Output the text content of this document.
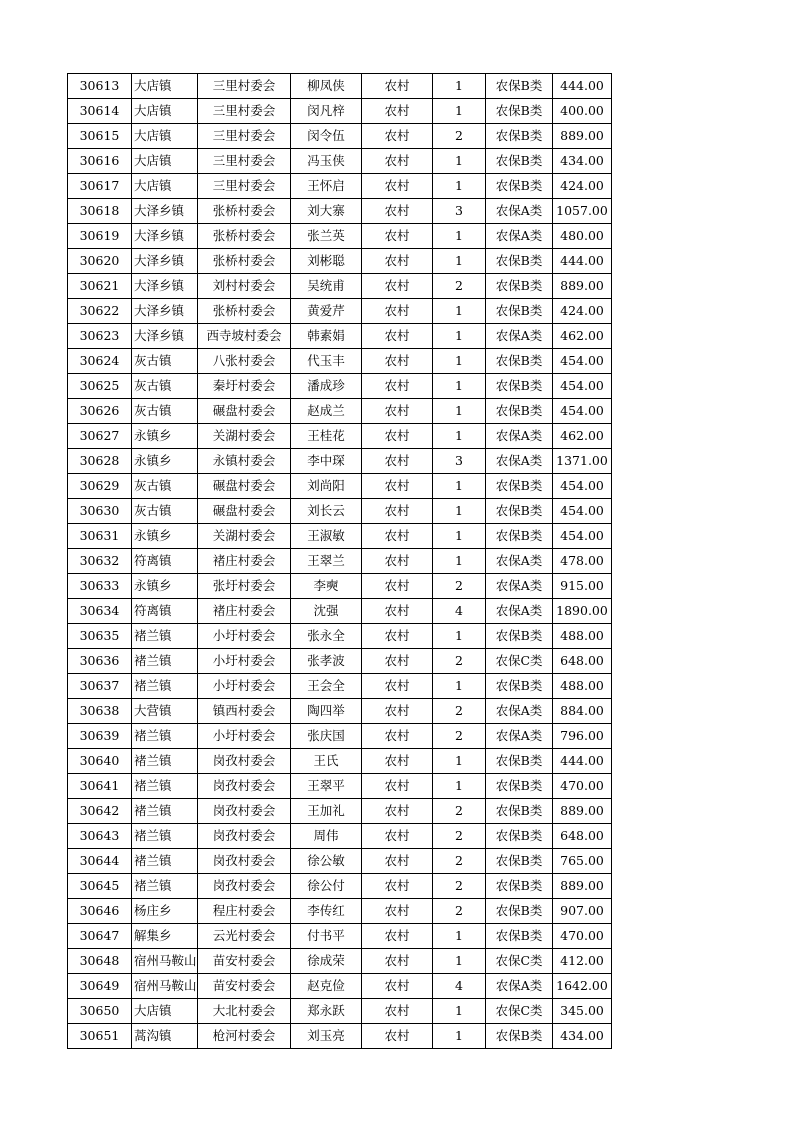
30613	大店镇	三里村委会	柳凤侠	农村	1	农保B类	444.00
30614	大店镇	三里村委会	闵凡梓	农村	1	农保B类	400.00
30615	大店镇	三里村委会	闵令伍	农村	2	农保B类	889.00
30616	大店镇	三里村委会	冯玉侠	农村	1	农保B类	434.00
30617	大店镇	三里村委会	王怀启	农村	1	农保B类	424.00
30618	大泽乡镇	张桥村委会	刘大寨	农村	3	农保A类	1057.00
30619	大泽乡镇	张桥村委会	张兰英	农村	1	农保A类	480.00
30620	大泽乡镇	张桥村委会	刘彬聪	农村	1	农保B类	444.00
30621	大泽乡镇	刘村村委会	吴统甫	农村	2	农保B类	889.00
30622	大泽乡镇	张桥村委会	黄爱芹	农村	1	农保B类	424.00
30623	大泽乡镇	西寺坡村委会	韩素娟	农村	1	农保A类	462.00
30624	灰古镇	八张村委会	代玉丰	农村	1	农保B类	454.00
30625	灰古镇	秦圩村委会	潘成珍	农村	1	农保B类	454.00
30626	灰古镇	碾盘村委会	赵成兰	农村	1	农保B类	454.00
30627	永镇乡	关湖村委会	王桂花	农村	1	农保A类	462.00
30628	永镇乡	永镇村委会	李中琛	农村	3	农保A类	1371.00
30629	灰古镇	碾盘村委会	刘尚阳	农村	1	农保B类	454.00
30630	灰古镇	碾盘村委会	刘长云	农村	1	农保B类	454.00
30631	永镇乡	关湖村委会	王淑敏	农村	1	农保B类	454.00
30632	符离镇	褚庄村委会	王翠兰	农村	1	农保A类	478.00
30633	永镇乡	张圩村委会	李奭	农村	2	农保A类	915.00
30634	符离镇	褚庄村委会	沈强	农村	4	农保A类	1890.00
30635	褚兰镇	小圩村委会	张永全	农村	1	农保B类	488.00
30636	褚兰镇	小圩村委会	张孝波	农村	2	农保C类	648.00
30637	褚兰镇	小圩村委会	王会全	农村	1	农保B类	488.00
30638	大营镇	镇西村委会	陶四举	农村	2	农保A类	884.00
30639	褚兰镇	小圩村委会	张庆国	农村	2	农保A类	796.00
30640	褚兰镇	岗孜村委会	王氏	农村	1	农保B类	444.00
30641	褚兰镇	岗孜村委会	王翠平	农村	1	农保B类	470.00
30642	褚兰镇	岗孜村委会	王加礼	农村	2	农保B类	889.00
30643	褚兰镇	岗孜村委会	周伟	农村	2	农保B类	648.00
30644	褚兰镇	岗孜村委会	徐公敏	农村	2	农保B类	765.00
30645	褚兰镇	岗孜村委会	徐公付	农村	2	农保B类	889.00
30646	杨庄乡	程庄村委会	李传红	农村	2	农保B类	907.00
30647	解集乡	云光村委会	付书平	农村	1	农保B类	470.00
30648	宿州马鞍山	苗安村委会	徐成荣	农村	1	农保C类	412.00
30649	宿州马鞍山	苗安村委会	赵克俭	农村	4	农保A类	1642.00
30650	大店镇	大北村委会	郑永跃	农村	1	农保C类	345.00
30651	蒿沟镇	枪河村委会	刘玉亮	农村	1	农保B类	434.00
